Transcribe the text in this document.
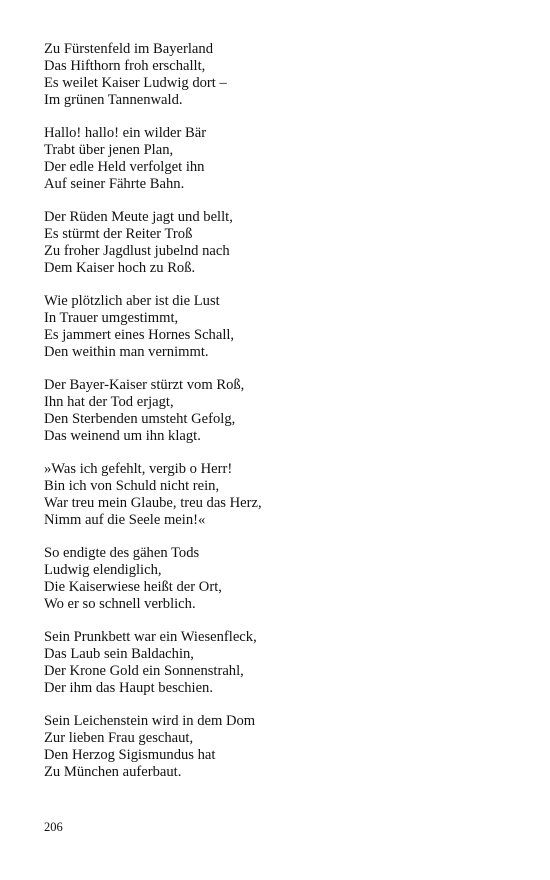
Zu Fürstenfeld im Bayerland
Das Hifthorn froh erschallt,
Es weilet Kaiser Ludwig dort –
Im grünen Tannenwald.
Hallo! hallo! ein wilder Bär
Trabt über jenen Plan,
Der edle Held verfolget ihn
Auf seiner Fährte Bahn.
Der Rüden Meute jagt und bellt,
Es stürmt der Reiter Troß
Zu froher Jagdlust jubelnd nach
Dem Kaiser hoch zu Roß.
Wie plötzlich aber ist die Lust
In Trauer umgestimmt,
Es jammert eines Hornes Schall,
Den weithin man vernimmt.
Der Bayer-Kaiser stürzt vom Roß,
Ihn hat der Tod erjagt,
Den Sterbenden umsteht Gefolg,
Das weinend um ihn klagt.
»Was ich gefehlt, vergib o Herr!
Bin ich von Schuld nicht rein,
War treu mein Glaube, treu das Herz,
Nimm auf die Seele mein!«
So endigte des gähen Tods
Ludwig elendiglich,
Die Kaiserwiese heißt der Ort,
Wo er so schnell verblich.
Sein Prunkbett war ein Wiesenfleck,
Das Laub sein Baldachin,
Der Krone Gold ein Sonnenstrahl,
Der ihm das Haupt beschien.
Sein Leichenstein wird in dem Dom
Zur lieben Frau geschaut,
Den Herzog Sigismundus hat
Zu München auferbaut.
206
